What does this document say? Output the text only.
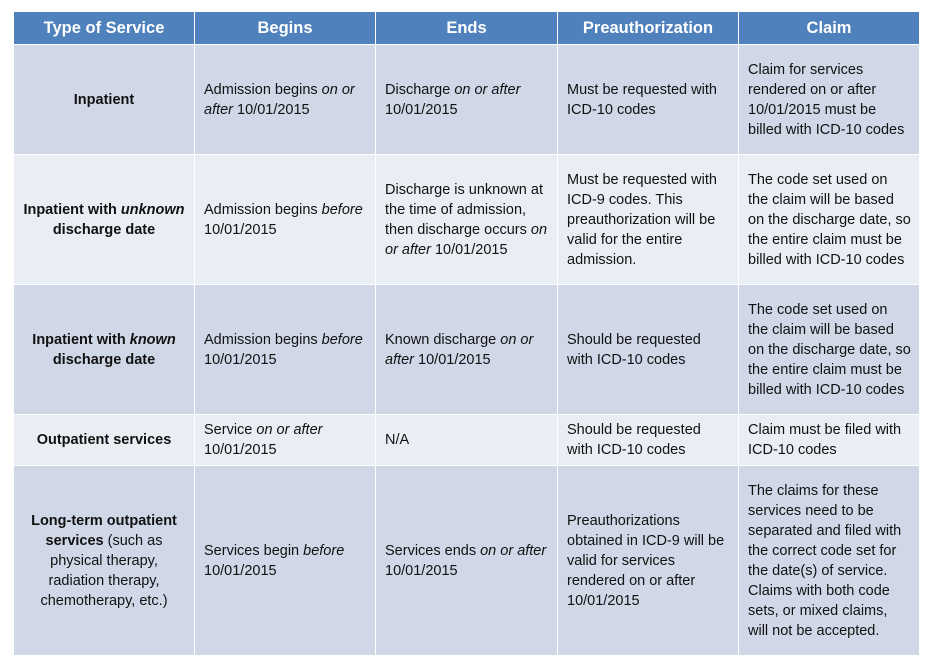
Type of Service	Begins	Ends	Preauthorization	Claim
Inpatient	Admission begins on or after 10/01/2015	Discharge on or after 10/01/2015	Must be requested with ICD-10 codes	Claim for services rendered on or after 10/01/2015 must be billed with ICD-10 codes
Inpatient with unknown discharge date	Admission begins before 10/01/2015	Discharge is unknown at the time of admission, then discharge occurs on or after 10/01/2015	Must be requested with ICD-9 codes. This preauthorization will be valid for the entire admission.	The code set used on the claim will be based on the discharge date, so the entire claim must be billed with ICD-10 codes
Inpatient with known discharge date	Admission begins before 10/01/2015	Known discharge on or after 10/01/2015	Should be requested with ICD-10 codes	The code set used on the claim will be based on the discharge date, so the entire claim must be billed with ICD-10 codes
Outpatient services	Service on or after 10/01/2015	N/A	Should be requested with ICD-10 codes	Claim must be filed with ICD-10 codes
Long-term outpatient services (such as physical therapy, radiation therapy, chemotherapy, etc.)	Services begin before 10/01/2015	Services ends on or after 10/01/2015	Preauthorizations obtained in ICD-9 will be valid for services rendered on or after 10/01/2015	The claims for these services need to be separated and filed with the correct code set for the date(s) of service. Claims with both code sets, or mixed claims, will not be accepted.
